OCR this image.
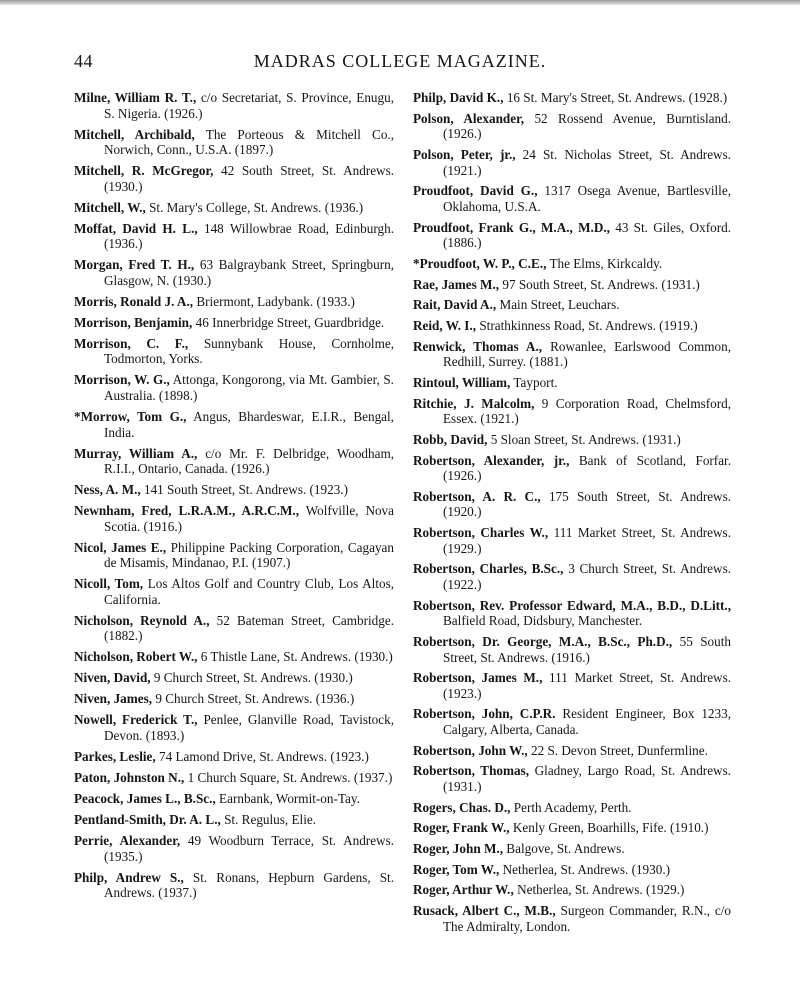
44	MADRAS COLLEGE MAGAZINE.
Milne, William R. T., c/o Secretariat, S. Province, Enugu, S. Nigeria. (1926.)
Mitchell, Archibald, The Porteous & Mitchell Co., Norwich, Conn., U.S.A. (1897.)
Mitchell, R. McGregor, 42 South Street, St. Andrews. (1930.)
Mitchell, W., St. Mary's College, St. Andrews. (1936.)
Moffat, David H. L., 148 Willowbrae Road, Edinburgh. (1936.)
Morgan, Fred T. H., 63 Balgraybank Street, Springburn, Glasgow, N. (1930.)
Morris, Ronald J. A., Briermont, Ladybank. (1933.)
Morrison, Benjamin, 46 Innerbridge Street, Guardbridge.
Morrison, C. F., Sunnybank House, Cornholme, Todmorton, Yorks.
Morrison, W. G., Attonga, Kongorong, via Mt. Gambier, S. Australia. (1898.)
*Morrow, Tom G., Angus, Bhardeswar, E.I.R., Bengal, India.
Murray, William A., c/o Mr. F. Delbridge, Woodham, R.I.I., Ontario, Canada. (1926.)
Ness, A. M., 141 South Street, St. Andrews. (1923.)
Newnham, Fred, L.R.A.M., A.R.C.M., Wolfville, Nova Scotia. (1916.)
Nicol, James E., Philippine Packing Corporation, Cagayan de Misamis, Mindanao, P.I. (1907.)
Nicoll, Tom, Los Altos Golf and Country Club, Los Altos, California.
Nicholson, Reynold A., 52 Bateman Street, Cambridge. (1882.)
Nicholson, Robert W., 6 Thistle Lane, St. Andrews. (1930.)
Niven, David, 9 Church Street, St. Andrews. (1930.)
Niven, James, 9 Church Street, St. Andrews. (1936.)
Nowell, Frederick T., Penlee, Glanville Road, Tavistock, Devon. (1893.)
Parkes, Leslie, 74 Lamond Drive, St. Andrews. (1923.)
Paton, Johnston N., 1 Church Square, St. Andrews. (1937.)
Peacock, James L., B.Sc., Earnbank, Wormit-on-Tay.
Pentland-Smith, Dr. A. L., St. Regulus, Elie.
Perrie, Alexander, 49 Woodburn Terrace, St. Andrews. (1935.)
Philp, Andrew S., St. Ronans, Hepburn Gardens, St. Andrews. (1937.)
Philp, David K., 16 St. Mary's Street, St. Andrews. (1928.)
Polson, Alexander, 52 Rossend Avenue, Burntisland. (1926.)
Polson, Peter, jr., 24 St. Nicholas Street, St. Andrews. (1921.)
Proudfoot, David G., 1317 Osega Avenue, Bartlesville, Oklahoma, U.S.A.
Proudfoot, Frank G., M.A., M.D., 43 St. Giles, Oxford. (1886.)
*Proudfoot, W. P., C.E., The Elms, Kirkcaldy.
Rae, James M., 97 South Street, St. Andrews. (1931.)
Rait, David A., Main Street, Leuchars.
Reid, W. I., Strathkinness Road, St. Andrews. (1919.)
Renwick, Thomas A., Rowanlee, Earlswood Common, Redhill, Surrey. (1881.)
Rintoul, William, Tayport.
Ritchie, J. Malcolm, 9 Corporation Road, Chelmsford, Essex. (1921.)
Robb, David, 5 Sloan Street, St. Andrews. (1931.)
Robertson, Alexander, jr., Bank of Scotland, Forfar. (1926.)
Robertson, A. R. C., 175 South Street, St. Andrews. (1920.)
Robertson, Charles W., 111 Market Street, St. Andrews. (1929.)
Robertson, Charles, B.Sc., 3 Church Street, St. Andrews. (1922.)
Robertson, Rev. Professor Edward, M.A., B.D., D.Litt., Balfield Road, Didsbury, Manchester.
Robertson, Dr. George, M.A., B.Sc., Ph.D., 55 South Street, St. Andrews. (1916.)
Robertson, James M., 111 Market Street, St. Andrews. (1923.)
Robertson, John, C.P.R. Resident Engineer, Box 1233, Calgary, Alberta, Canada.
Robertson, John W., 22 S. Devon Street, Dunfermline.
Robertson, Thomas, Gladney, Largo Road, St. Andrews. (1931.)
Rogers, Chas. D., Perth Academy, Perth.
Roger, Frank W., Kenly Green, Boarhills, Fife. (1910.)
Roger, John M., Balgove, St. Andrews.
Roger, Tom W., Netherlea, St. Andrews. (1930.)
Roger, Arthur W., Netherlea, St. Andrews. (1929.)
Rusack, Albert C., M.B., Surgeon Commander, R.N., c/o The Admiralty, London.
